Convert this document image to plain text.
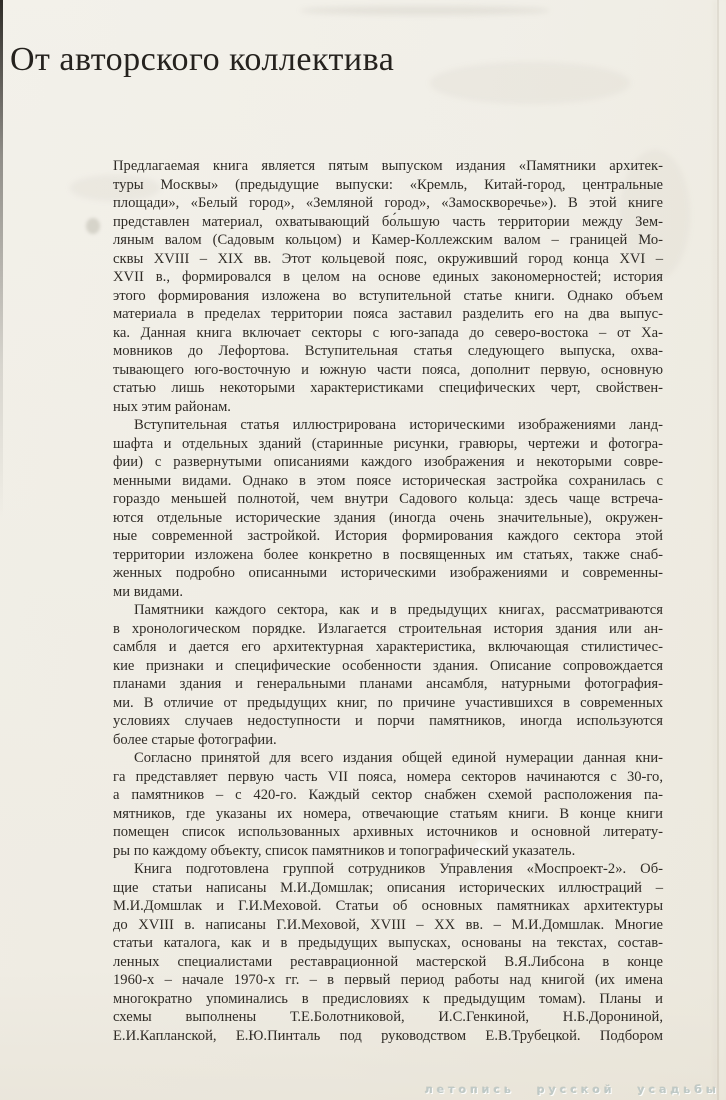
От авторского коллектива
Предлагаемая книга является пятым выпуском издания «Памятники архитек-
туры Москвы» (предыдущие выпуски: «Кремль, Китай-город, центральные
площади», «Белый город», «Земляной город», «Замоскворечье»). В этой книге
представлен материал, охватывающий бо́льшую часть территории между Зем-
ляным валом (Садовым кольцом) и Камер-Коллежским валом – границей Мо-
сквы XVIII – XIX вв. Этот кольцевой пояс, окруживший город конца XVI –
XVII в., формировался в целом на основе единых закономерностей; история
этого формирования изложена во вступительной статье книги. Однако объем
материала в пределах территории пояса заставил разделить его на два выпус-
ка. Данная книга включает секторы с юго-запада до северо-востока – от Ха-
мовников до Лефортова. Вступительная статья следующего выпуска, охва-
тывающего юго-восточную и южную части пояса, дополнит первую, основную
статью лишь некоторыми характеристиками специфических черт, свойствен-
ных этим районам.
Вступительная статья иллюстрирована историческими изображениями ланд-
шафта и отдельных зданий (старинные рисунки, гравюры, чертежи и фотогра-
фии) с развернутыми описаниями каждого изображения и некоторыми совре-
менными видами. Однако в этом поясе историческая застройка сохранилась с
гораздо меньшей полнотой, чем внутри Садового кольца: здесь чаще встреча-
ются отдельные исторические здания (иногда очень значительные), окружен-
ные современной застройкой. История формирования каждого сектора этой
территории изложена более конкретно в посвященных им статьях, также снаб-
женных подробно описанными историческими изображениями и современны-
ми видами.
Памятники каждого сектора, как и в предыдущих книгах, рассматриваются
в хронологическом порядке. Излагается строительная история здания или ан-
самбля и дается его архитектурная характеристика, включающая стилистичес-
кие признаки и специфические особенности здания. Описание сопровождается
планами здания и генеральными планами ансамбля, натурными фотография-
ми. В отличие от предыдущих книг, по причине участившихся в современных
условиях случаев недоступности и порчи памятников, иногда используются
более старые фотографии.
Согласно принятой для всего издания общей единой нумерации данная кни-
га представляет первую часть VII пояса, номера секторов начинаются с 30-го,
а памятников – с 420-го. Каждый сектор снабжен схемой расположения па-
мятников, где указаны их номера, отвечающие статьям книги. В конце книги
помещен список использованных архивных источников и основной литерату-
ры по каждому объекту, список памятников и топографический указатель.
Книга подготовлена группой сотрудников Управления «Моспроект-2». Об-
щие статьи написаны М.И.Домшлак; описания исторических иллюстраций –
М.И.Домшлак и Г.И.Меховой. Статьи об основных памятниках архитектуры
до XVIII в. написаны Г.И.Меховой, XVIII – XX вв. – М.И.Домшлак. Многие
статьи каталога, как и в предыдущих выпусках, основаны на текстах, состав-
ленных специалистами реставрационной мастерской В.Я.Либсона в конце
1960-х – начале 1970-х гг. – в первый период работы над книгой (их имена
многократно упоминались в предисловиях к предыдущим томам). Планы и
схемы выполнены Т.Е.Болотниковой, И.С.Генкиной, Н.Б.Дорониной,
Е.И.Капланской, Е.Ю.Пинталь под руководством Е.В.Трубецкой. Подбором
летопись русской усадьбы
